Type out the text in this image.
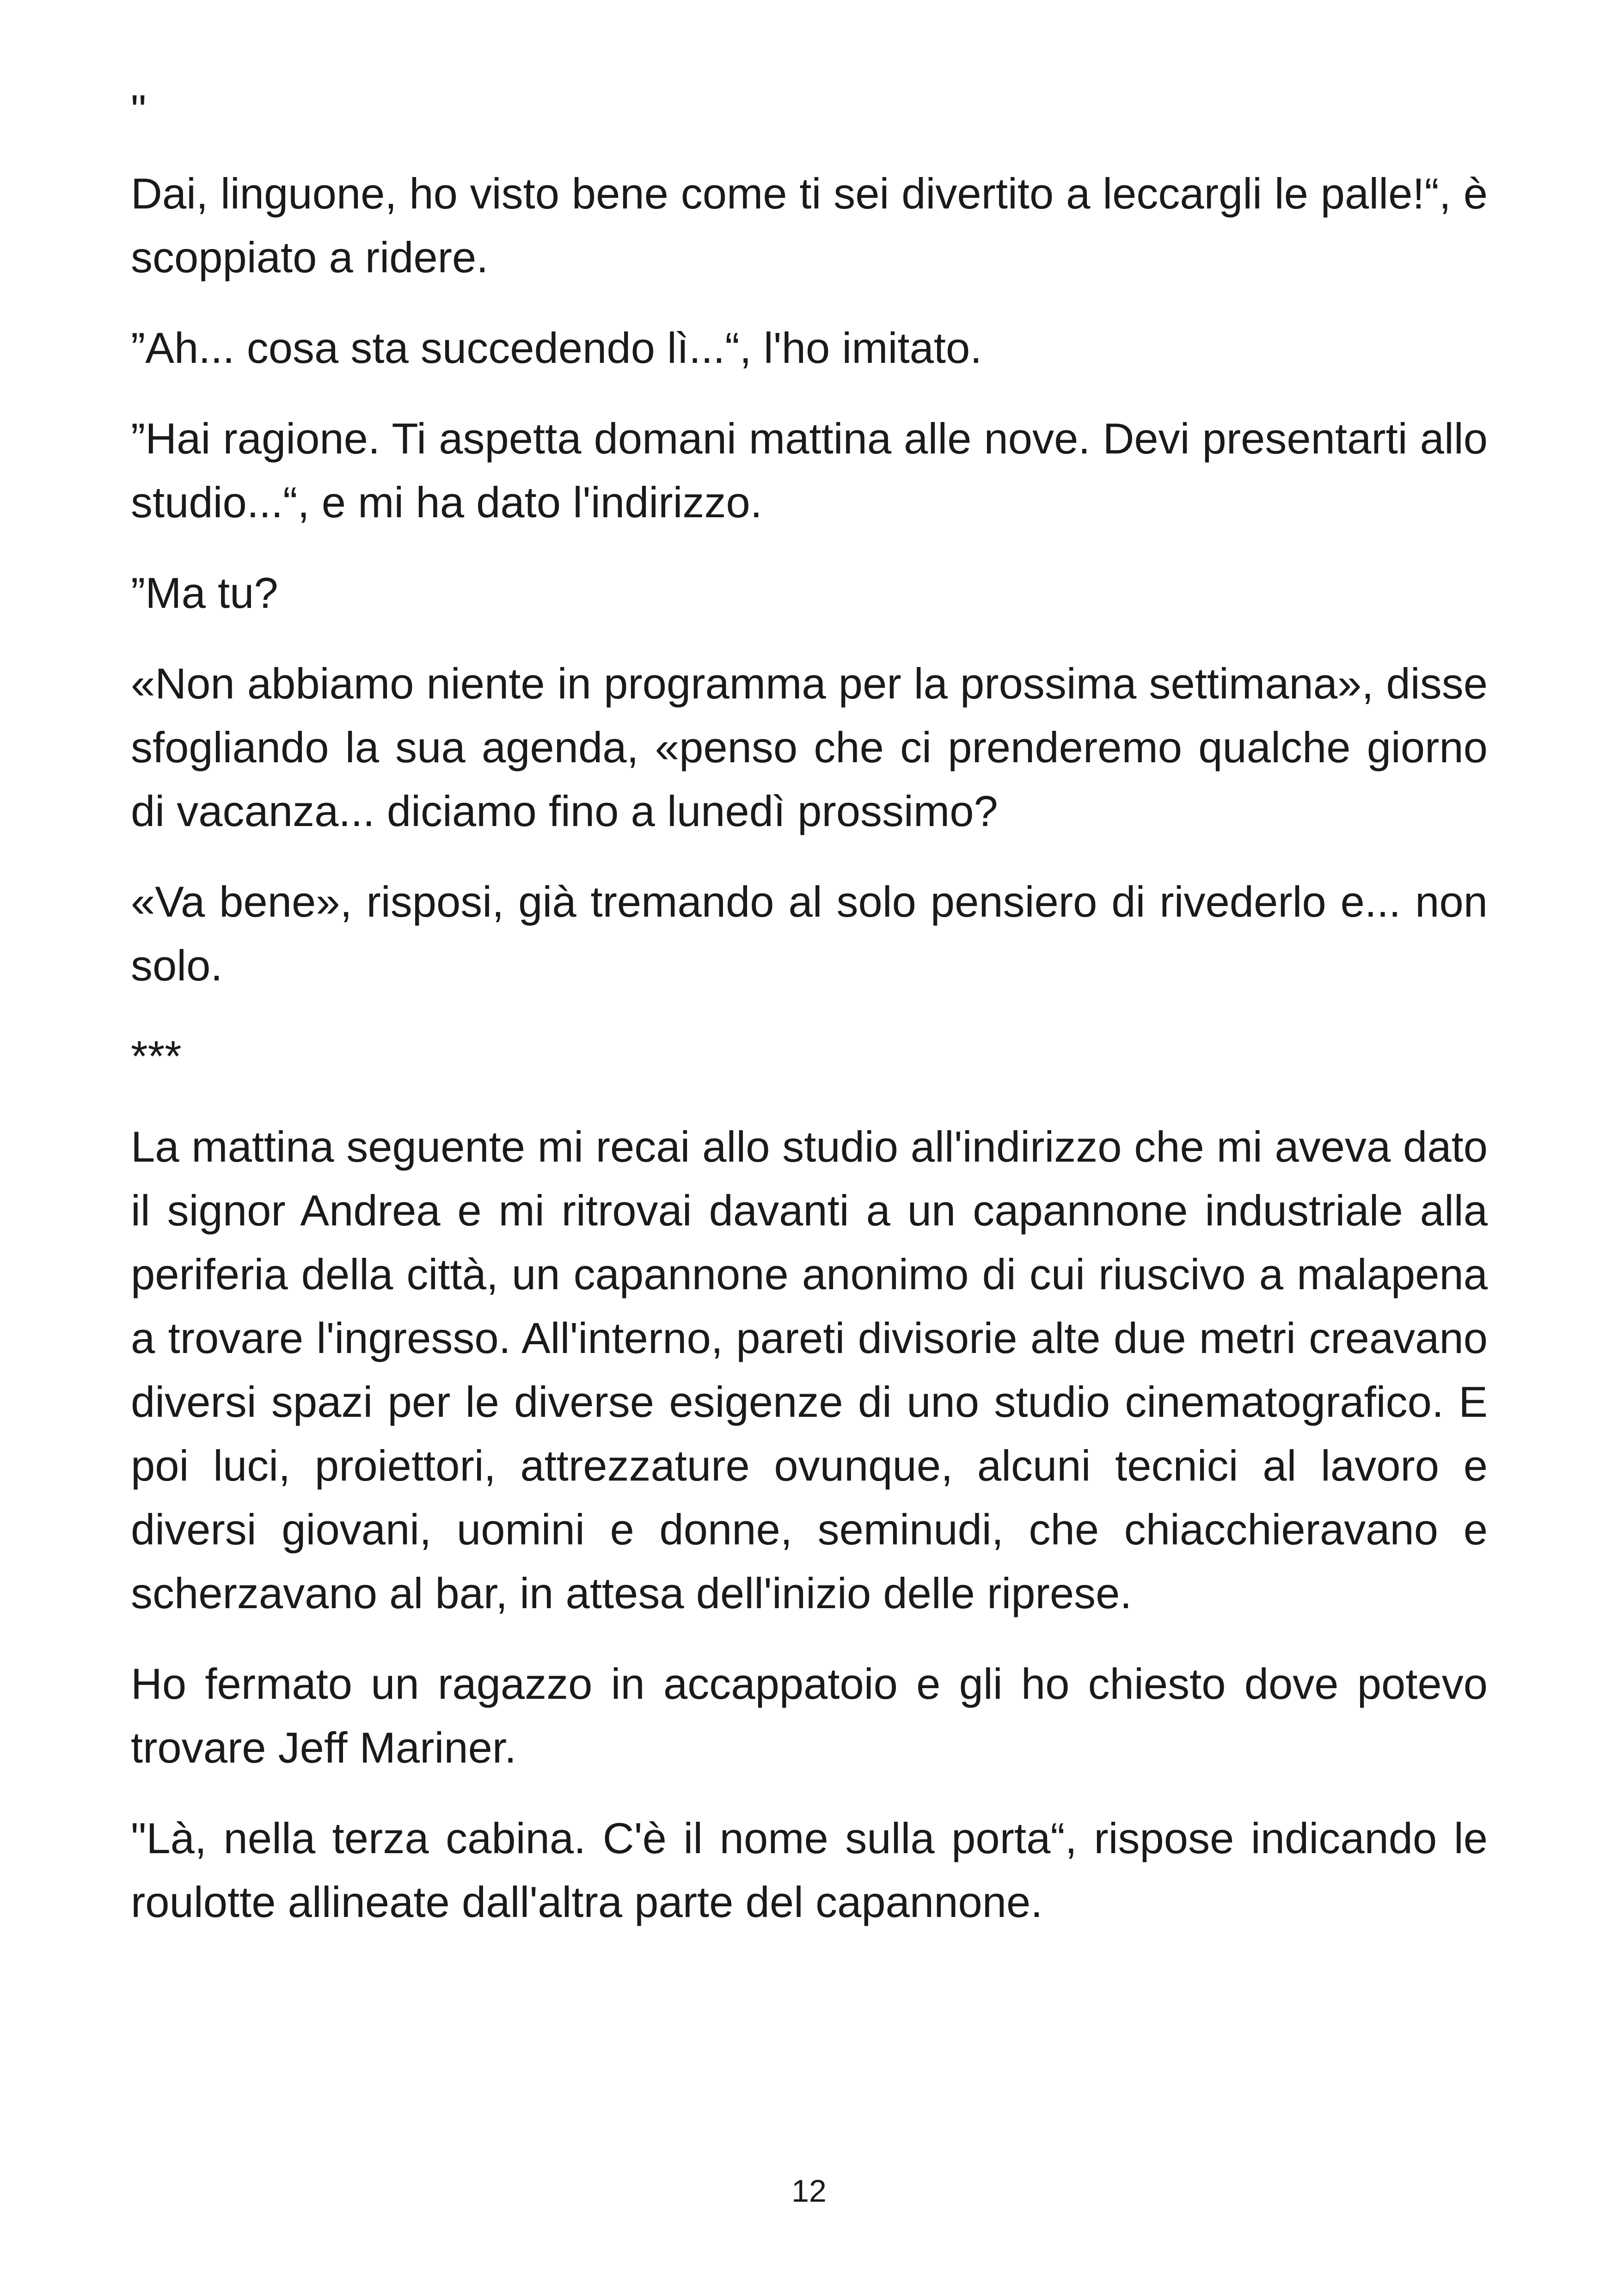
"

Dai, linguone, ho visto bene come ti sei divertito a leccargli le palle!“, è scoppiato a ridere.

”Ah... cosa sta succedendo lì...“, l'ho imitato.

”Hai ragione. Ti aspetta domani mattina alle nove. Devi presentarti allo studio...“, e mi ha dato l'indirizzo.

”Ma tu?

«Non abbiamo niente in programma per la prossima settimana», disse sfogliando la sua agenda, «penso che ci prenderemo qualche giorno di vacanza... diciamo fino a lunedì prossimo?

«Va bene», risposi, già tremando al solo pensiero di rivederlo e... non solo.

***

La mattina seguente mi recai allo studio all'indirizzo che mi aveva dato il signor Andrea e mi ritrovai davanti a un capannone industriale alla periferia della città, un capannone anonimo di cui riuscivo a malapena a trovare l'ingresso. All'interno, pareti divisorie alte due metri creavano diversi spazi per le diverse esigenze di uno studio cinematografico. E poi luci, proiettori, attrezzature ovunque, alcuni tecnici al lavoro e diversi giovani, uomini e donne, seminudi, che chiacchieravano e scherzavano al bar, in attesa dell'inizio delle riprese.

Ho fermato un ragazzo in accappatoio e gli ho chiesto dove potevo trovare Jeff Mariner.

"Là, nella terza cabina. C'è il nome sulla porta“, rispose indicando le roulotte allineate dall'altra parte del capannone.

12
